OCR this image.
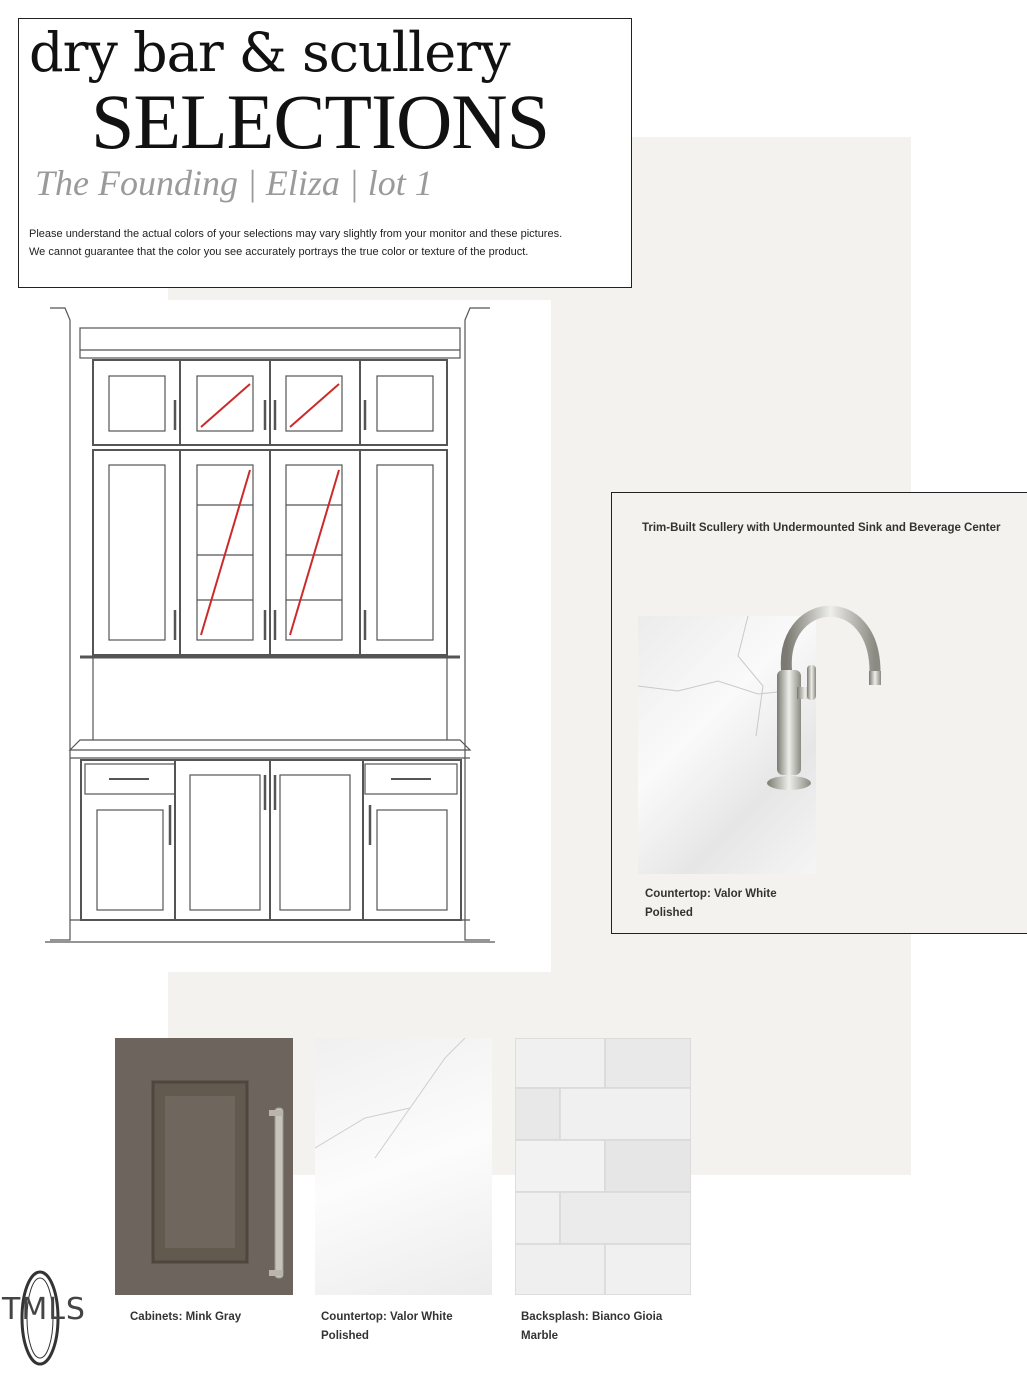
dry bar & scullery
SELECTIONS
The Founding | Eliza | lot 1
Please understand the actual colors of your selections may vary slightly from your monitor and these pictures. We cannot guarantee that the color you see accurately portrays the true color or texture of the product.
Trim-Built Scullery with Undermounted Sink and Beverage Center
Countertop: Valor White Polished
Cabinets: Mink Gray	Countertop: Valor White Polished
Backsplash: Bianco Gioia Marble
TMLS
